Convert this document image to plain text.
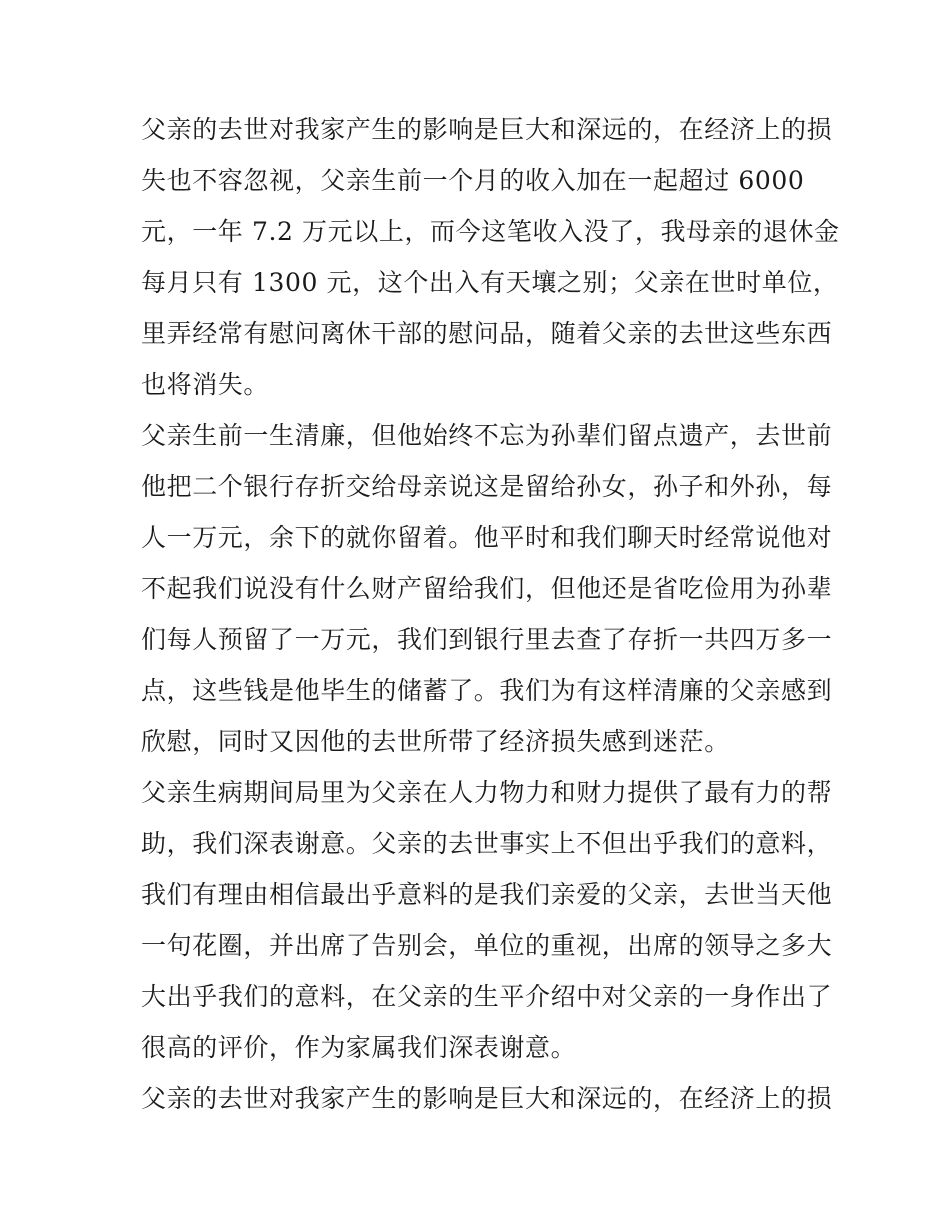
父亲的去世对我家产生的影响是巨大和深远的，在经济上的损
失也不容忽视，父亲生前一个月的收入加在一起超过 6000
元，一年 7.2 万元以上，而今这笔收入没了，我母亲的退休金
每月只有 1300 元，这个出入有天壤之别；父亲在世时单位，
里弄经常有慰问离休干部的慰问品，随着父亲的去世这些东西
也将消失。
父亲生前一生清廉，但他始终不忘为孙辈们留点遗产，去世前
他把二个银行存折交给母亲说这是留给孙女，孙子和外孙，每
人一万元，余下的就你留着。他平时和我们聊天时经常说他对
不起我们说没有什么财产留给我们，但他还是省吃俭用为孙辈
们每人预留了一万元，我们到银行里去查了存折一共四万多一
点，这些钱是他毕生的储蓄了。我们为有这样清廉的父亲感到
欣慰，同时又因他的去世所带了经济损失感到迷茫。
父亲生病期间局里为父亲在人力物力和财力提供了最有力的帮
助，我们深表谢意。父亲的去世事实上不但出乎我们的意料，
我们有理由相信最出乎意料的是我们亲爱的父亲，去世当天他
一句花圈，并出席了告别会，单位的重视，出席的领导之多大
大出乎我们的意料，在父亲的生平介绍中对父亲的一身作出了
很高的评价，作为家属我们深表谢意。
父亲的去世对我家产生的影响是巨大和深远的，在经济上的损
